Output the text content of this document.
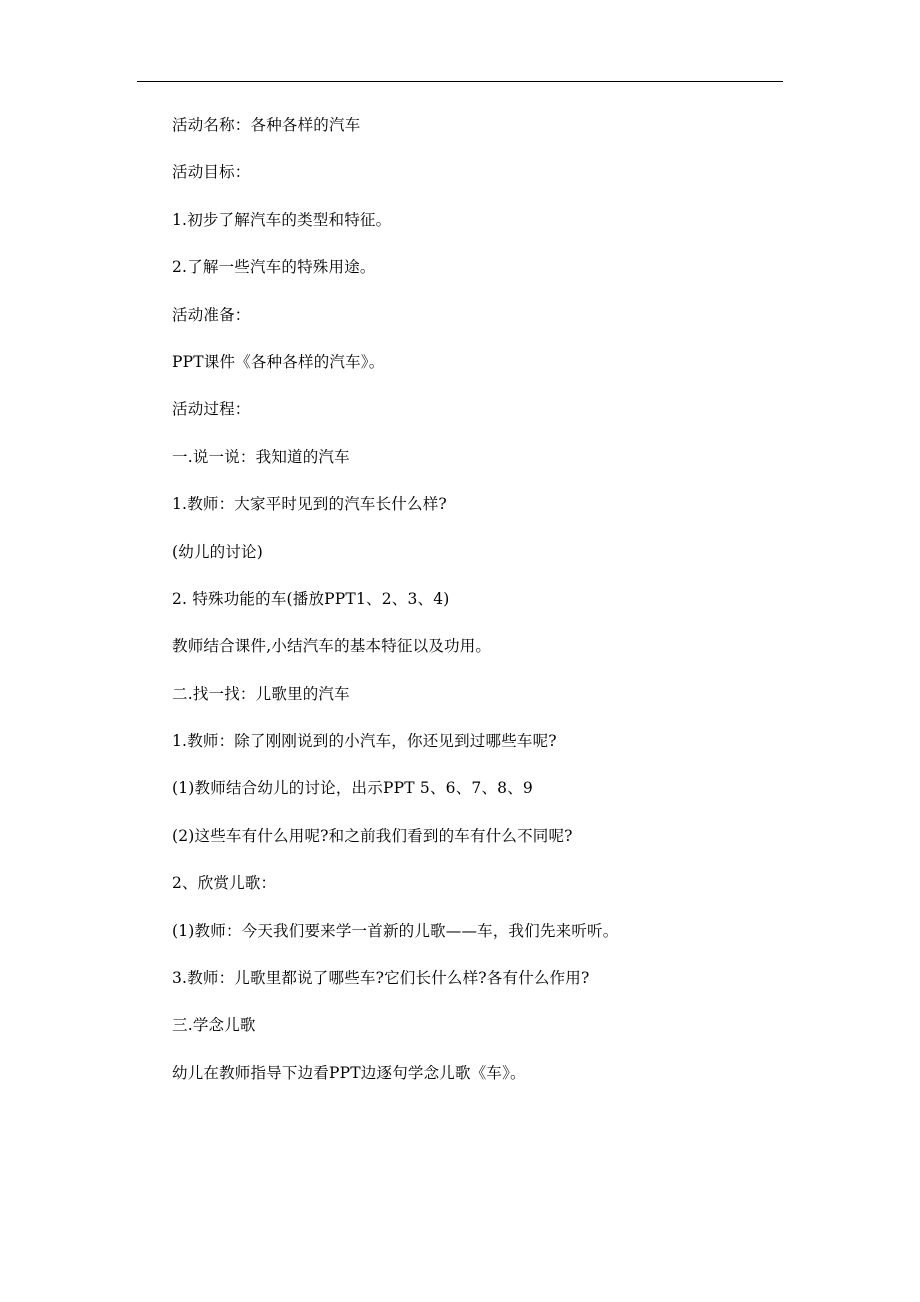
活动名称：各种各样的汽车
活动目标：
1.初步了解汽车的类型和特征。
2.了解一些汽车的特殊用途。
活动准备：
PPT课件《各种各样的汽车》。
活动过程：
一.说一说：我知道的汽车
1.教师：大家平时见到的汽车长什么样?
(幼儿的讨论)
2. 特殊功能的车(播放PPT1、2、3、4)
教师结合课件,小结汽车的基本特征以及功用。
二.找一找：儿歌里的汽车
1.教师：除了刚刚说到的小汽车，你还见到过哪些车呢?
(1)教师结合幼儿的讨论，出示PPT 5、6、7、8、9
(2)这些车有什么用呢?和之前我们看到的车有什么不同呢?
2、欣赏儿歌：
(1)教师：今天我们要来学一首新的儿歌——车，我们先来听听。
3.教师：儿歌里都说了哪些车?它们长什么样?各有什么作用?
三.学念儿歌
幼儿在教师指导下边看PPT边逐句学念儿歌《车》。
